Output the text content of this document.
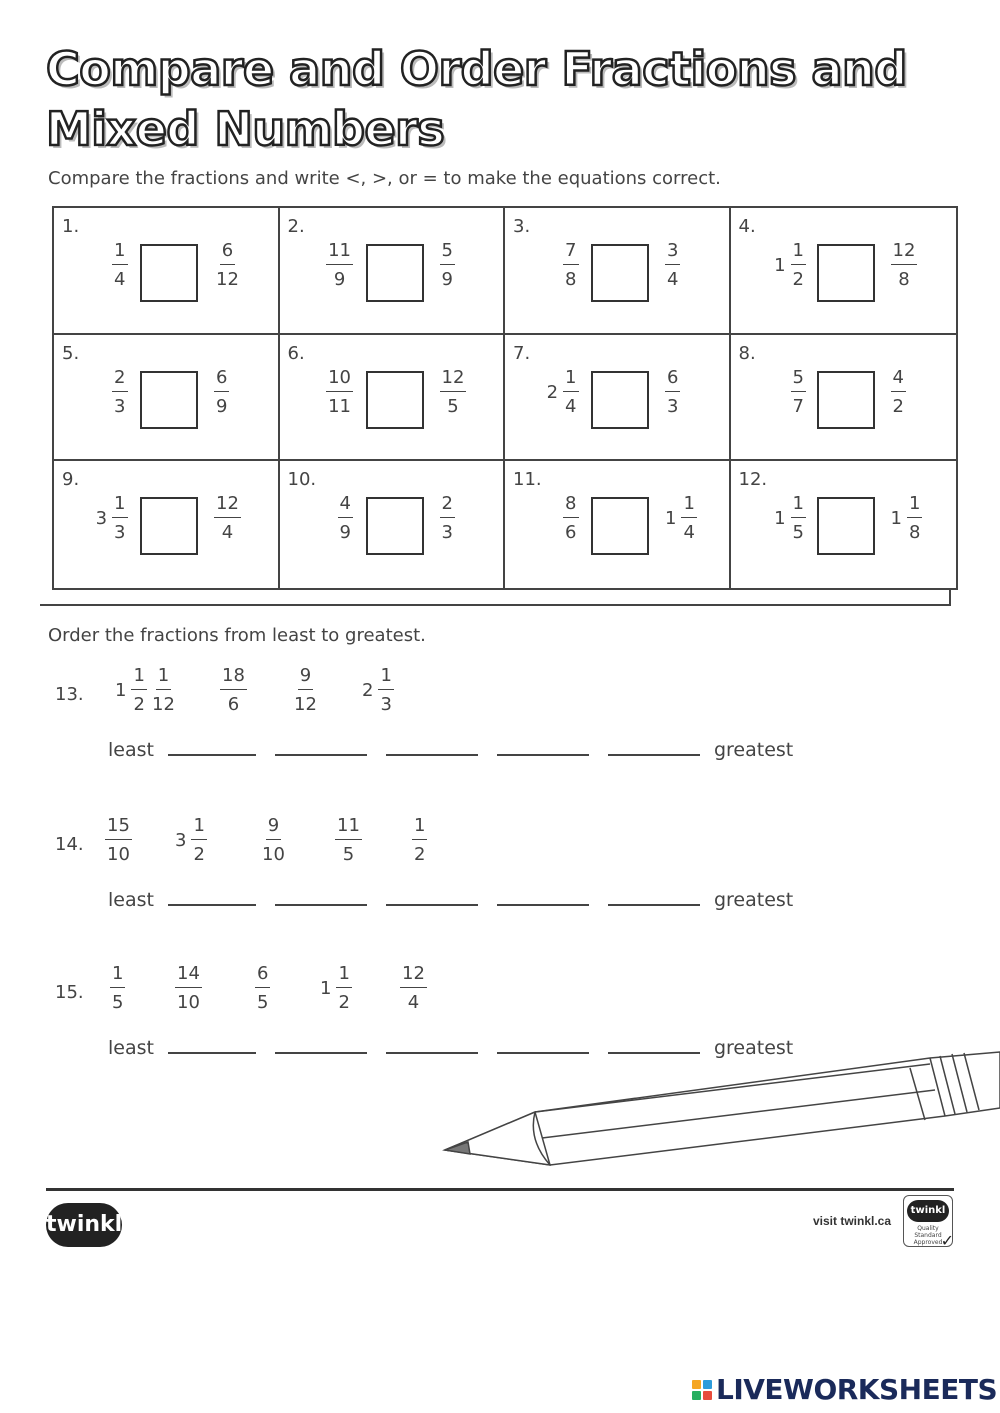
Compare and Order Fractions and
Mixed Numbers
Compare the fractions and write <, >, or = to make the equations correct.
1.
$\frac{1}{4}$	$\frac{6}{12}$
2.
$\frac{11}{9}$	$\frac{5}{9}$
3.
$\frac{7}{8}$	$\frac{3}{4}$
4.
$1 \frac{1}{2}$	$\frac{12}{8}$
5.
$\frac{2}{3}$	$\frac{6}{9}$
6.
$\frac{10}{11}$	$\frac{12}{5}$
7.
$2 \frac{1}{4}$	$\frac{6}{3}$
8.
$\frac{5}{7}$	$\frac{4}{2}$
9.
$3 \frac{1}{3}$	$\frac{12}{4}$
10.
$\frac{4}{9}$	$\frac{2}{3}$
11.
$\frac{8}{6}$	$1 \frac{1}{4}$
12.
$1 \frac{1}{5}$	$1 \frac{1}{8}$
Order the fractions from least to greatest.
13. $1 \frac{1}{2} \frac{1}{12} \frac{18}{6}$	$\frac{9}{12} 2 \frac{1}{3}$
least	greatest
14. $\frac{15}{10} 3 \frac{1}{2}$	$\frac{9}{10}$	$\frac{11}{5}$	$\frac{1}{2}$
least	greatest
15. $\frac{1}{5}$	$\frac{14}{10}$	$\frac{6}{5}$	$1 \frac{1}{2}$	$\frac{12}{4}$
least	greatest
twinkl	visit twinkl.ca
twinkl
Quality Standard Approved
✓
LIVEWORKSHEETS
